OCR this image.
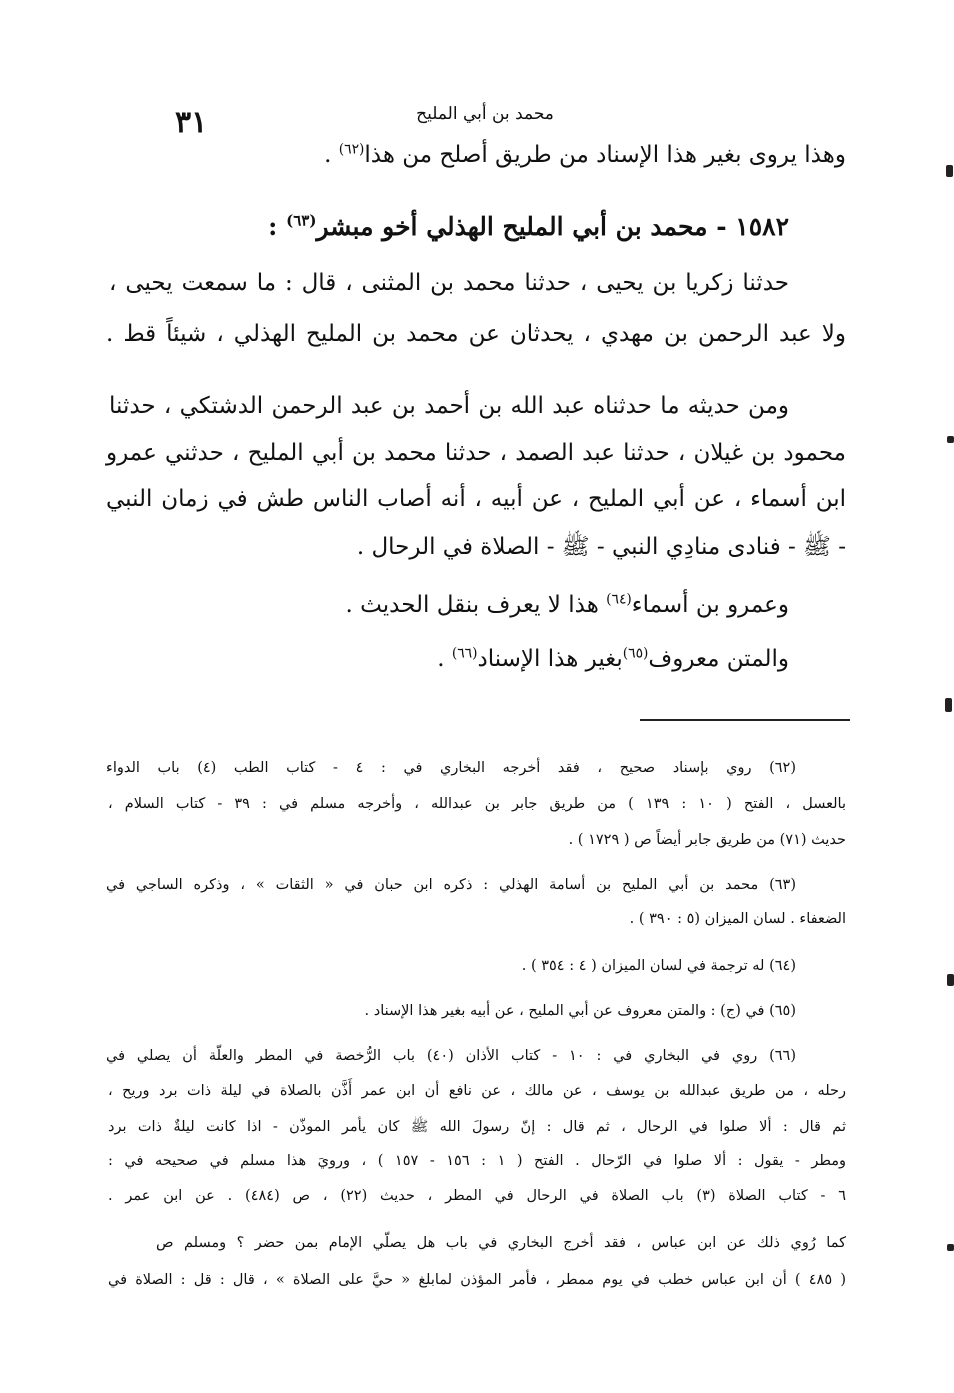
٣١	محمد بن أبي المليح
وهذا يروى بغير هذا الإسناد من طريق أصلح من هذا$^{(٦٢)}$ .
١٥٨٢ - محمد بن أبي المليح الهذلي أخو مبشر$^{(٦٣)}$ :
حدثنا زكريا بن يحيى ، حدثنا محمد بن المثنى ، قال : ما سمعت يحيى ،
ولا عبد الرحمن بن مهدي ، يحدثان عن محمد بن المليح الهذلي ، شيئاً قط .
ومن حديثه ما حدثناه عبد الله بن أحمد بن عبد الرحمن الدشتكي ، حدثنا
محمود بن غيلان ، حدثنا عبد الصمد ، حدثنا محمد بن أبي المليح ، حدثني عمرو
ابن أسماء ، عن أبي المليح ، عن أبيه ، أنه أصاب الناس طش في زمان النبي
- ﷺ - فنادى منادِي النبي - ﷺ - الصلاة في الرحال .
وعمرو بن أسماء$^{(٦٤)}$ هذا لا يعرف بنقل الحديث .
والمتن معروف$^{(٦٥)}$بغير هذا الإسناد$^{(٦٦)}$ .
(٦٢) روي بإسناد صحيح ، فقد أخرجه البخاري في : ٤ - كتاب الطب (٤) باب الدواء
بالعسل ، الفتح ( ١٠ : ١٣٩ ) من طريق جابر بن عبدالله ، وأخرجه مسلم في : ٣٩ - كتاب السلام ،
حديث (٧١) من طريق جابر أيضاً ص ( ١٧٢٩ ) .
(٦٣) محمد بن أبي المليح بن أسامة الهذلي : ذكره ابن حبان في « الثقات » ، وذكره الساجي في
الضعفاء . لسان الميزان (٥ : ٣٩٠ ) .
(٦٤) له ترجمة في لسان الميزان ( ٤ : ٣٥٤ ) .
(٦٥) في (ج) : والمتن معروف عن أبي المليح ، عن أبيه بغير هذا الإسناد .
(٦٦) روي في البخاري في : ١٠ - كتاب الأذان (٤٠) باب الرُّخصة في المطر والعلّة أن يصلي في
رحله ، من طريق عبدالله بن يوسف ، عن مالك ، عن نافع أن ابن عمر أَذَّن بالصلاة في ليلة ذات برد وريح ،
ثم قال : ألا صلوا في الرحال ، ثم قال : إنّ رسولَ الله ﷺ كان يأمر الموذّن - اذا كانت ليلةٌ ذات برد
ومطر - يقول : ألا صلوا في الرّحال . الفتح ( ١ : ١٥٦ - ١٥٧ ) ، ورويَ هذا مسلم في صحيحه في :
٦ - كتاب الصلاة (٣) باب الصلاة في الرحال في المطر ، حديث (٢٢) ، ص (٤٨٤) . عن ابن عمر .
كما رُوي ذلك عن ابن عباس ، فقد أخرج البخاري في باب هل يصلّي الإمام بمن حضر ؟ ومسلم ص
( ٤٨٥ ) أن ابن عباس خطب في يوم ممطر ، فأمر المؤذن لمابلغ « حيَّ على الصلاة » ، قال : قل : الصلاة في
